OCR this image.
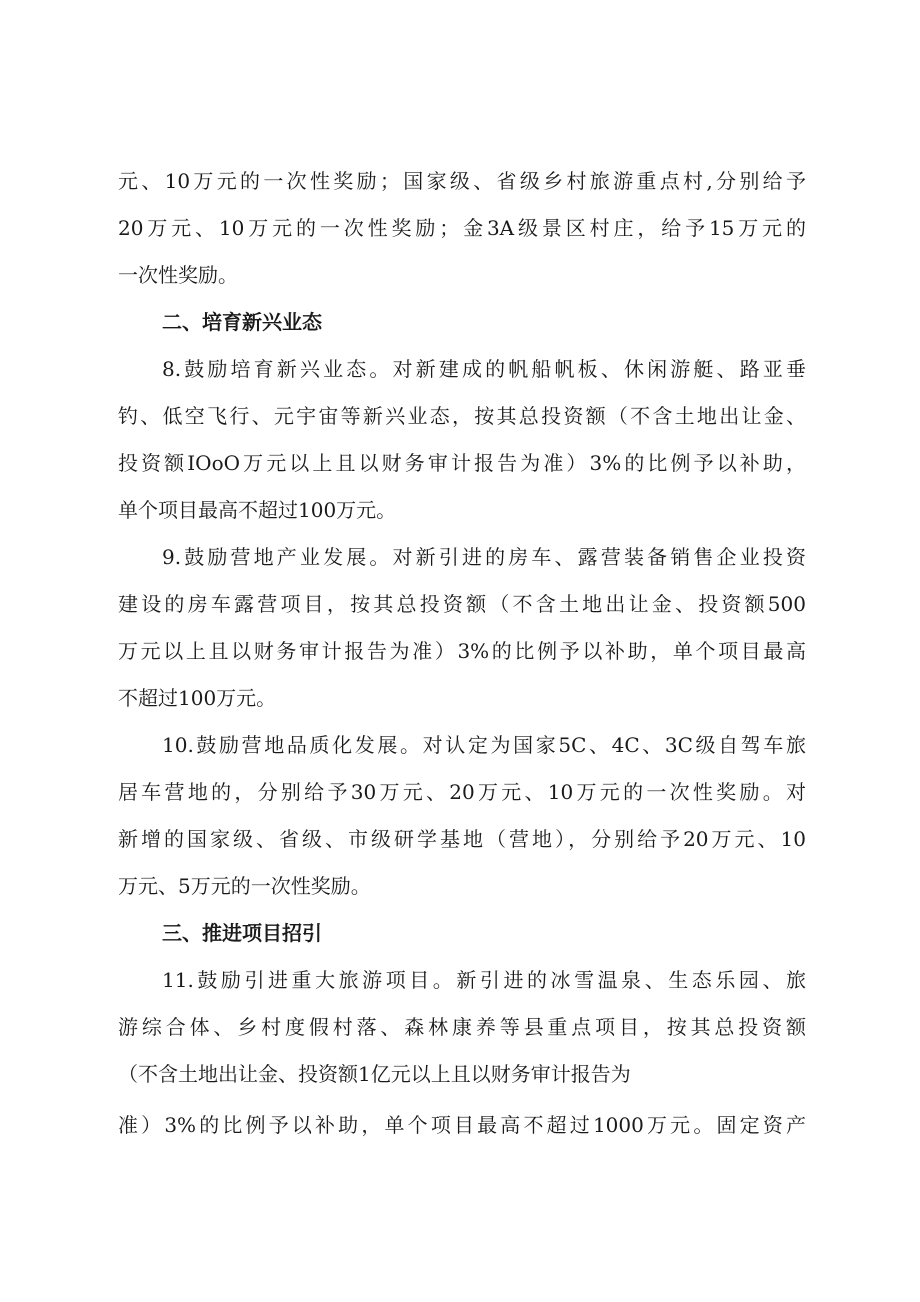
元、10万元的一次性奖励；国家级、省级乡村旅游重点村,分别给予
20万元、10万元的一次性奖励；金3A级景区村庄，给予15万元的
一次性奖励。
二、培育新兴业态
8.鼓励培育新兴业态。对新建成的帆船帆板、休闲游艇、路亚垂
钓、低空飞行、元宇宙等新兴业态，按其总投资额（不含土地出让金、
投资额IOoO万元以上且以财务审计报告为准）3%的比例予以补助，
单个项目最高不超过100万元。
9.鼓励营地产业发展。对新引进的房车、露营装备销售企业投资
建设的房车露营项目，按其总投资额（不含土地出让金、投资额500
万元以上且以财务审计报告为准）3%的比例予以补助，单个项目最高
不超过100万元。
10.鼓励营地品质化发展。对认定为国家5C、4C、3C级自驾车旅
居车营地的，分别给予30万元、20万元、10万元的一次性奖励。对
新增的国家级、省级、市级研学基地（营地），分别给予20万元、10
万元、5万元的一次性奖励。
三、推进项目招引
11.鼓励引进重大旅游项目。新引进的冰雪温泉、生态乐园、旅
游综合体、乡村度假村落、森林康养等县重点项目，按其总投资额
（不含土地出让金、投资额1亿元以上且以财务审计报告为
准）3%的比例予以补助，单个项目最高不超过1000万元。固定资产
